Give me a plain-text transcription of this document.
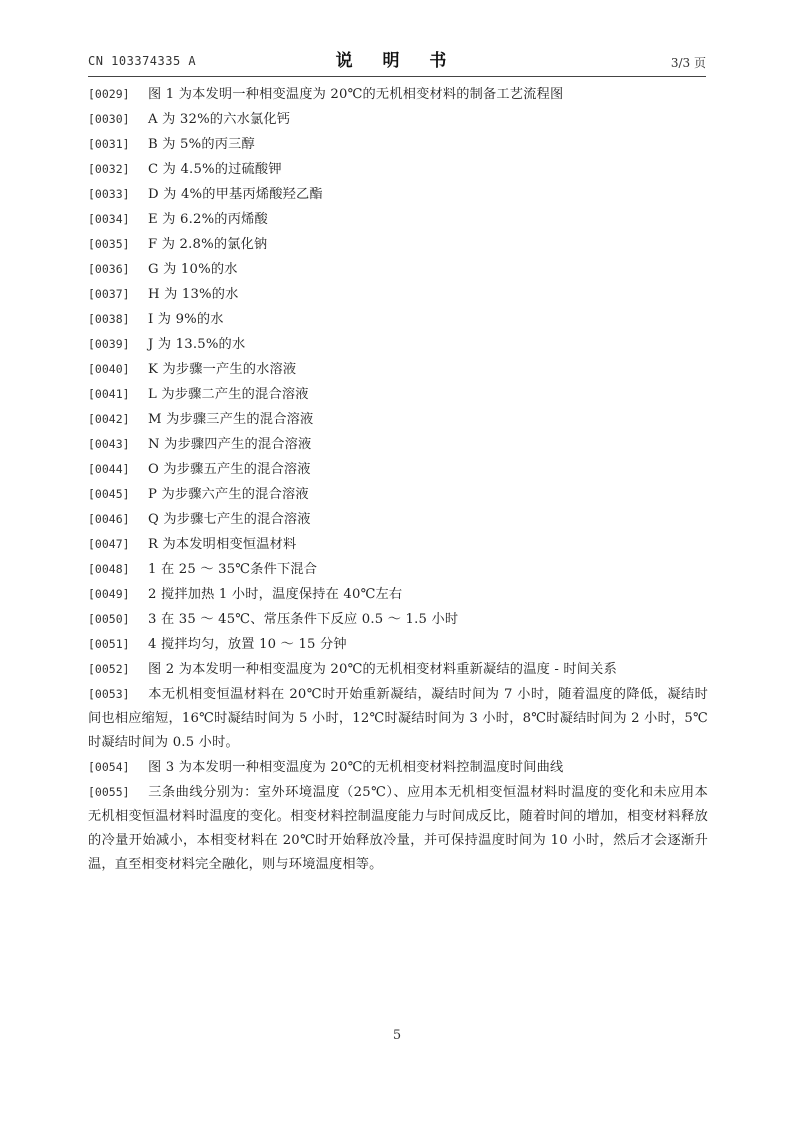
CN 103374335 A	说 明 书	3/3 页

[0029] 图 1 为本发明一种相变温度为 20℃的无机相变材料的制备工艺流程图

[0030] A 为 32%的六水氯化钙

[0031] B 为 5%的丙三醇

[0032] C 为 4.5%的过硫酸钾

[0033] D 为 4%的甲基丙烯酸羟乙酯

[0034] E 为 6.2%的丙烯酸

[0035] F 为 2.8%的氯化钠

[0036] G 为 10%的水

[0037] H 为 13%的水

[0038] I 为 9%的水

[0039] J 为 13.5%的水

[0040] K 为步骤一产生的水溶液

[0041] L 为步骤二产生的混合溶液

[0042] M 为步骤三产生的混合溶液

[0043] N 为步骤四产生的混合溶液

[0044] O 为步骤五产生的混合溶液

[0045] P 为步骤六产生的混合溶液

[0046] Q 为步骤七产生的混合溶液

[0047] R 为本发明相变恒温材料

[0048] 1 在 25 ～ 35℃条件下混合

[0049] 2 搅拌加热 1 小时，温度保持在 40℃左右

[0050] 3 在 35 ～ 45℃、常压条件下反应 0.5 ～ 1.5 小时

[0051] 4 搅拌均匀，放置 10 ～ 15 分钟

[0052] 图 2 为本发明一种相变温度为 20℃的无机相变材料重新凝结的温度 - 时间关系

[0053] 本无机相变恒温材料在 20℃时开始重新凝结，凝结时间为 7 小时，随着温度的降低，凝结时间也相应缩短，16℃时凝结时间为 5 小时，12℃时凝结时间为 3 小时，8℃时凝结时间为 2 小时，5℃时凝结时间为 0.5 小时。

[0054] 图 3 为本发明一种相变温度为 20℃的无机相变材料控制温度时间曲线

[0055] 三条曲线分别为：室外环境温度（25℃）、应用本无机相变恒温材料时温度的变化和未应用本无机相变恒温材料时温度的变化。相变材料控制温度能力与时间成反比，随着时间的增加，相变材料释放的冷量开始减小，本相变材料在 20℃时开始释放冷量，并可保持温度时间为 10 小时，然后才会逐渐升温，直至相变材料完全融化，则与环境温度相等。

5
